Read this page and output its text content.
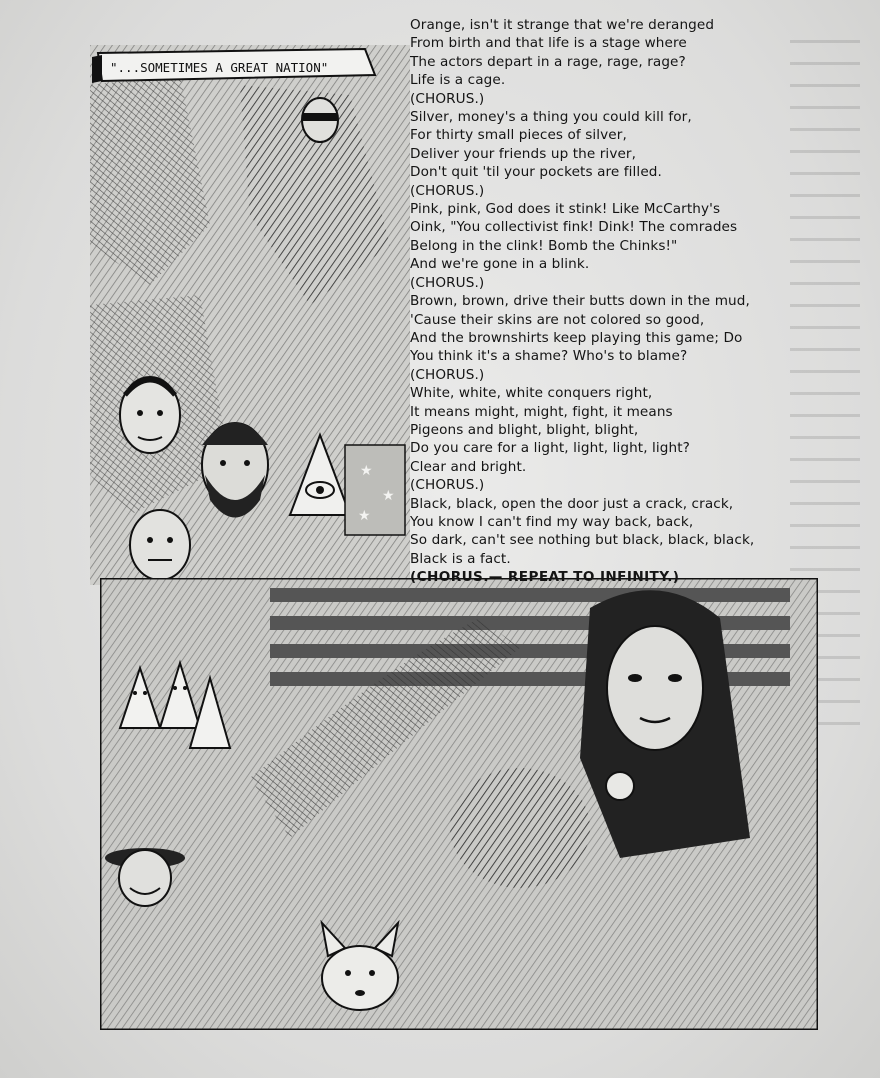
★
★
★
"...SOMETIMES A GREAT NATION"
Orange, isn't it strange that we're deranged
From birth and that life is a stage where
The actors depart in a rage, rage, rage?
Life is a cage.
(CHORUS.)
Silver, money's a thing you could kill for,
For thirty small pieces of silver,
Deliver your friends up the river,
Don't quit 'til your pockets are filled.
(CHORUS.)
Pink, pink, God does it stink! Like McCarthy's
Oink, "You collectivist fink! Dink! The comrades
Belong in the clink! Bomb the Chinks!"
And we're gone in a blink.
(CHORUS.)
Brown, brown, drive their butts down in the mud,
'Cause their skins are not colored so good,
And the brownshirts keep playing this game; Do
You think it's a shame? Who's to blame?
(CHORUS.)
White, white, white conquers right,
It means might, might, fight, it means
Pigeons and blight, blight, blight,
Do you care for a light, light, light, light?
Clear and bright.
(CHORUS.)
Black, black, open the door just a crack, crack,
You know I can't find my way back, back,
So dark, can't see nothing but black, black, black,
Black is a fact.
(CHORUS.— REPEAT TO INFINITY.)
